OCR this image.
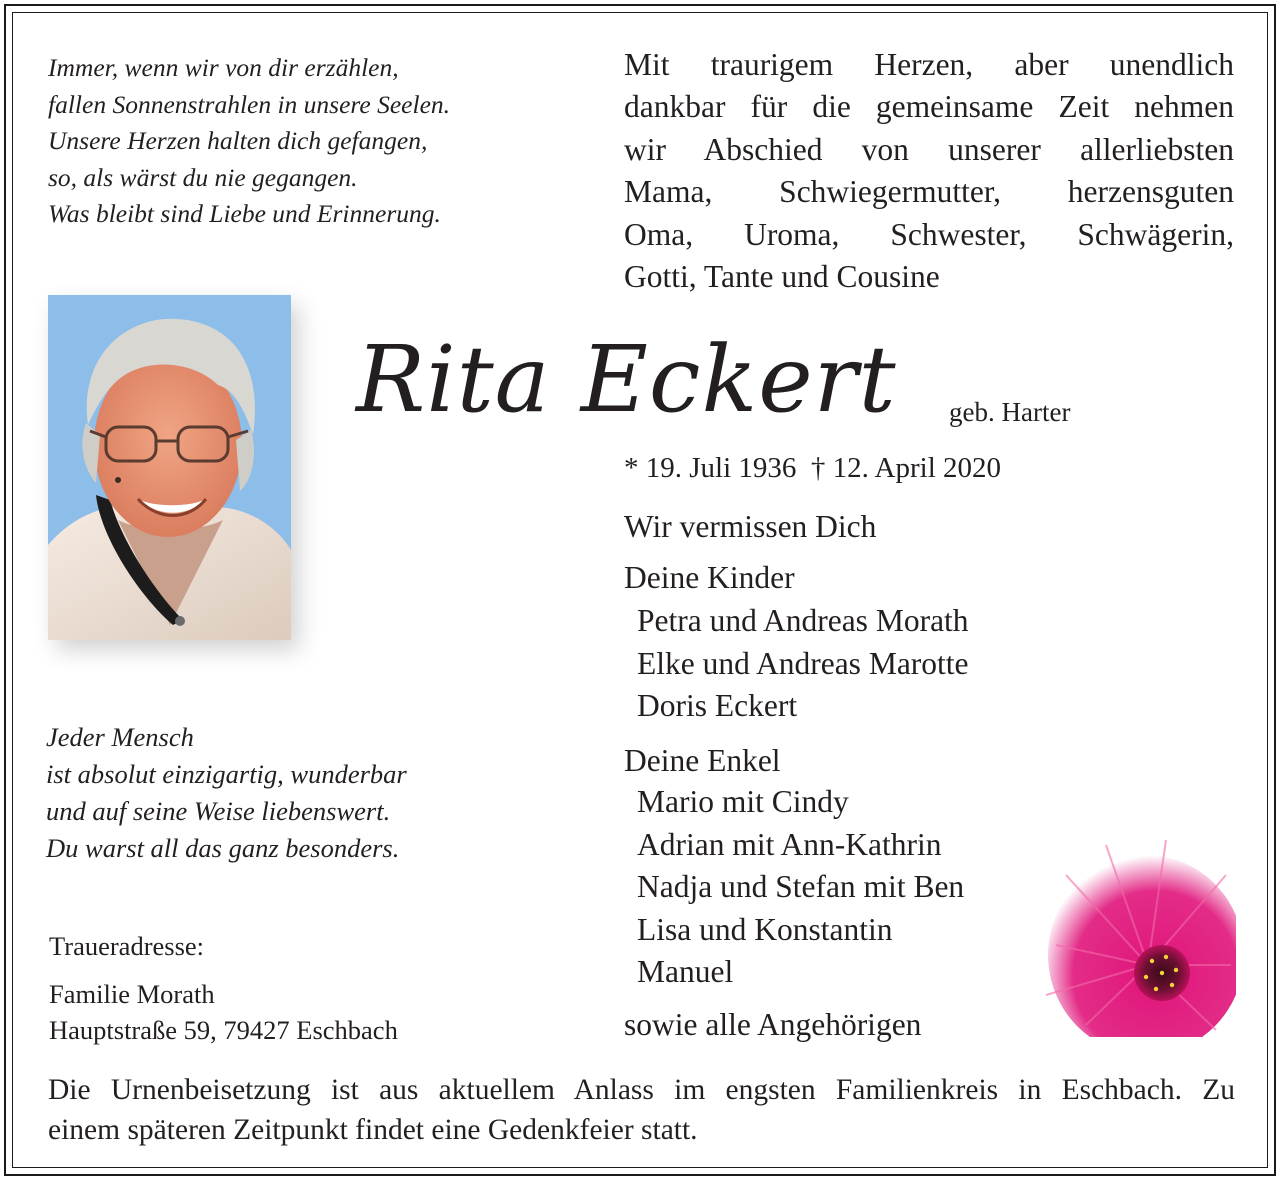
Immer, wenn wir von dir erzählen,
fallen Sonnenstrahlen in unsere Seelen.
Unsere Herzen halten dich gefangen,
so, als wärst du nie gegangen.
Was bleibt sind Liebe und Erinnerung.
Mit traurigem Herzen, aber unendlich
dankbar für die gemeinsame Zeit nehmen
wir Abschied von unserer allerliebsten
Mama, Schwiegermutter, herzensguten
Oma, Uroma, Schwester, Schwägerin,
Gotti, Tante und Cousine
Rita Eckert geb. Harter
* 19. Juli 1936  † 12. April 2020
Wir vermissen Dich
Deine Kinder
Petra und Andreas Morath
Elke und Andreas Marotte
Doris Eckert
Deine Enkel
Mario mit Cindy
Adrian mit Ann-Kathrin
Nadja und Stefan mit Ben
Lisa und Konstantin
Manuel
sowie alle Angehörigen
Jeder Mensch
ist absolut einzigartig, wunderbar
und auf seine Weise liebenswert.
Du warst all das ganz besonders.
Traueradresse:
Familie Morath
Hauptstraße 59, 79427 Eschbach
Die Urnenbeisetzung ist aus aktuellem Anlass im engsten Familienkreis in Eschbach. Zu
einem späteren Zeitpunkt findet eine Gedenkfeier statt.
